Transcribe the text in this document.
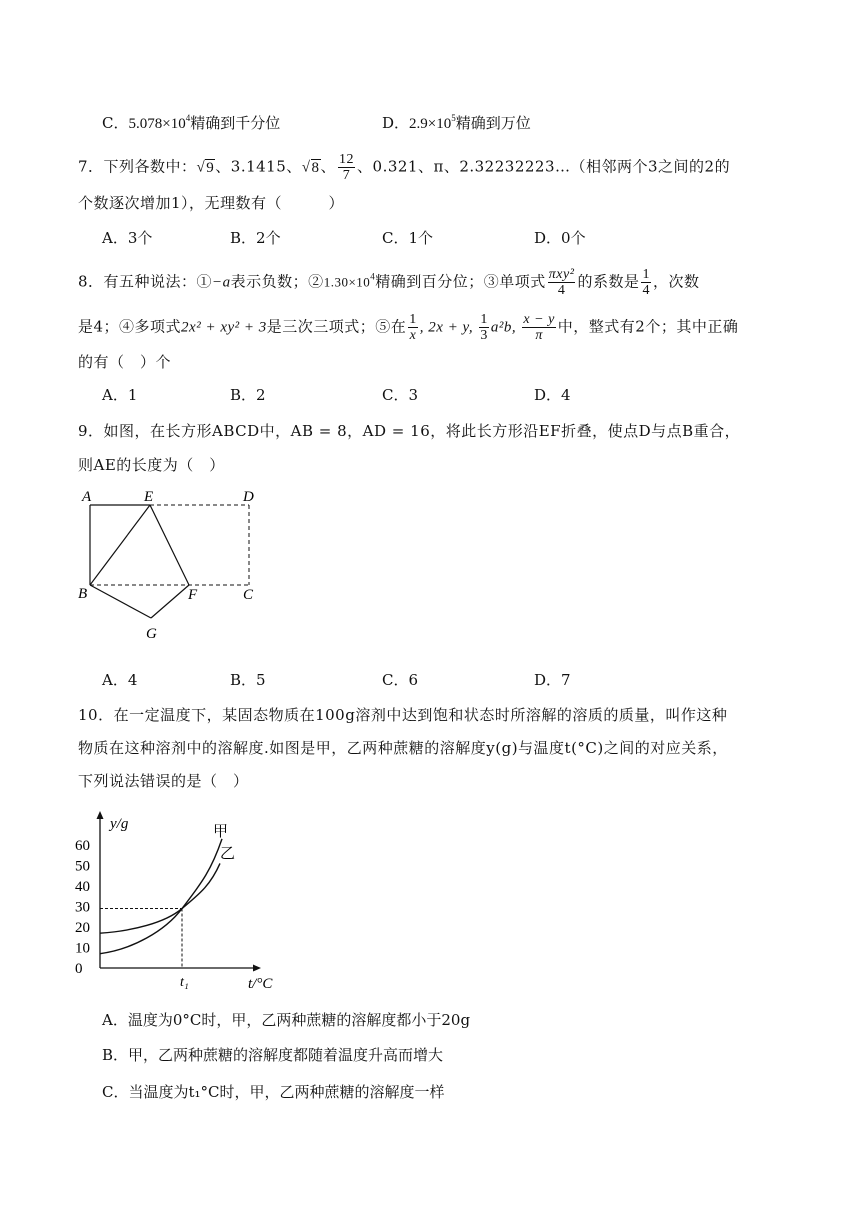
C．$5.078\times 10^4$精确到千分位	D．$2.9\times 10^5$精确到万位
7．下列各数中：√9、3.1415、√8、 $\frac{12}{7}$ 、0.321、π、2.32232223…（相邻两个3之间的2的
个数逐次增加1），无理数有（　　　）
A．3个	B．2个	C．1个	D．0个
8．有五种说法：①−a表示负数；$②1.30\times 10^4$精确到百分位；③单项式 $\frac{\text{πxy²}}{4}$ 的系数是 $\frac{1}{4}$ ，次数
是4；④多项式2x² + xy² + 3是三次三项式；⑤在 $\frac{1}{x}$ , 2x + y, $\frac{1}{3} a^2b$, $\frac{x - y}{\pi}$ 中，整式有2个；其中正确
的有（　）个
A．1	B．2	C．3	D．4
9．如图，在长方形ABCD中，AB = 8，AD = 16，将此长方形沿EF折叠，使点D与点B重合，
则AE的长度为（　）
A	E	D
B	F	C
G
A．4	B．5	C．6	D．7
10．在一定温度下，某固态物质在100g溶剂中达到饱和状态时所溶解的溶质的质量，叫作这种
物质在这种溶剂中的溶解度.如图是甲，乙两种蔗糖的溶解度y(g)与温度t(°C)之间的对应关系，
下列说法错误的是（　）
y/g
t/°C
0
10
20
30
40
50
60
t₁
甲
乙
A．温度为0°C时，甲，乙两种蔗糖的溶解度都小于20g
B．甲，乙两种蔗糖的溶解度都随着温度升高而增大
C．当温度为t₁°C时，甲，乙两种蔗糖的溶解度一样
